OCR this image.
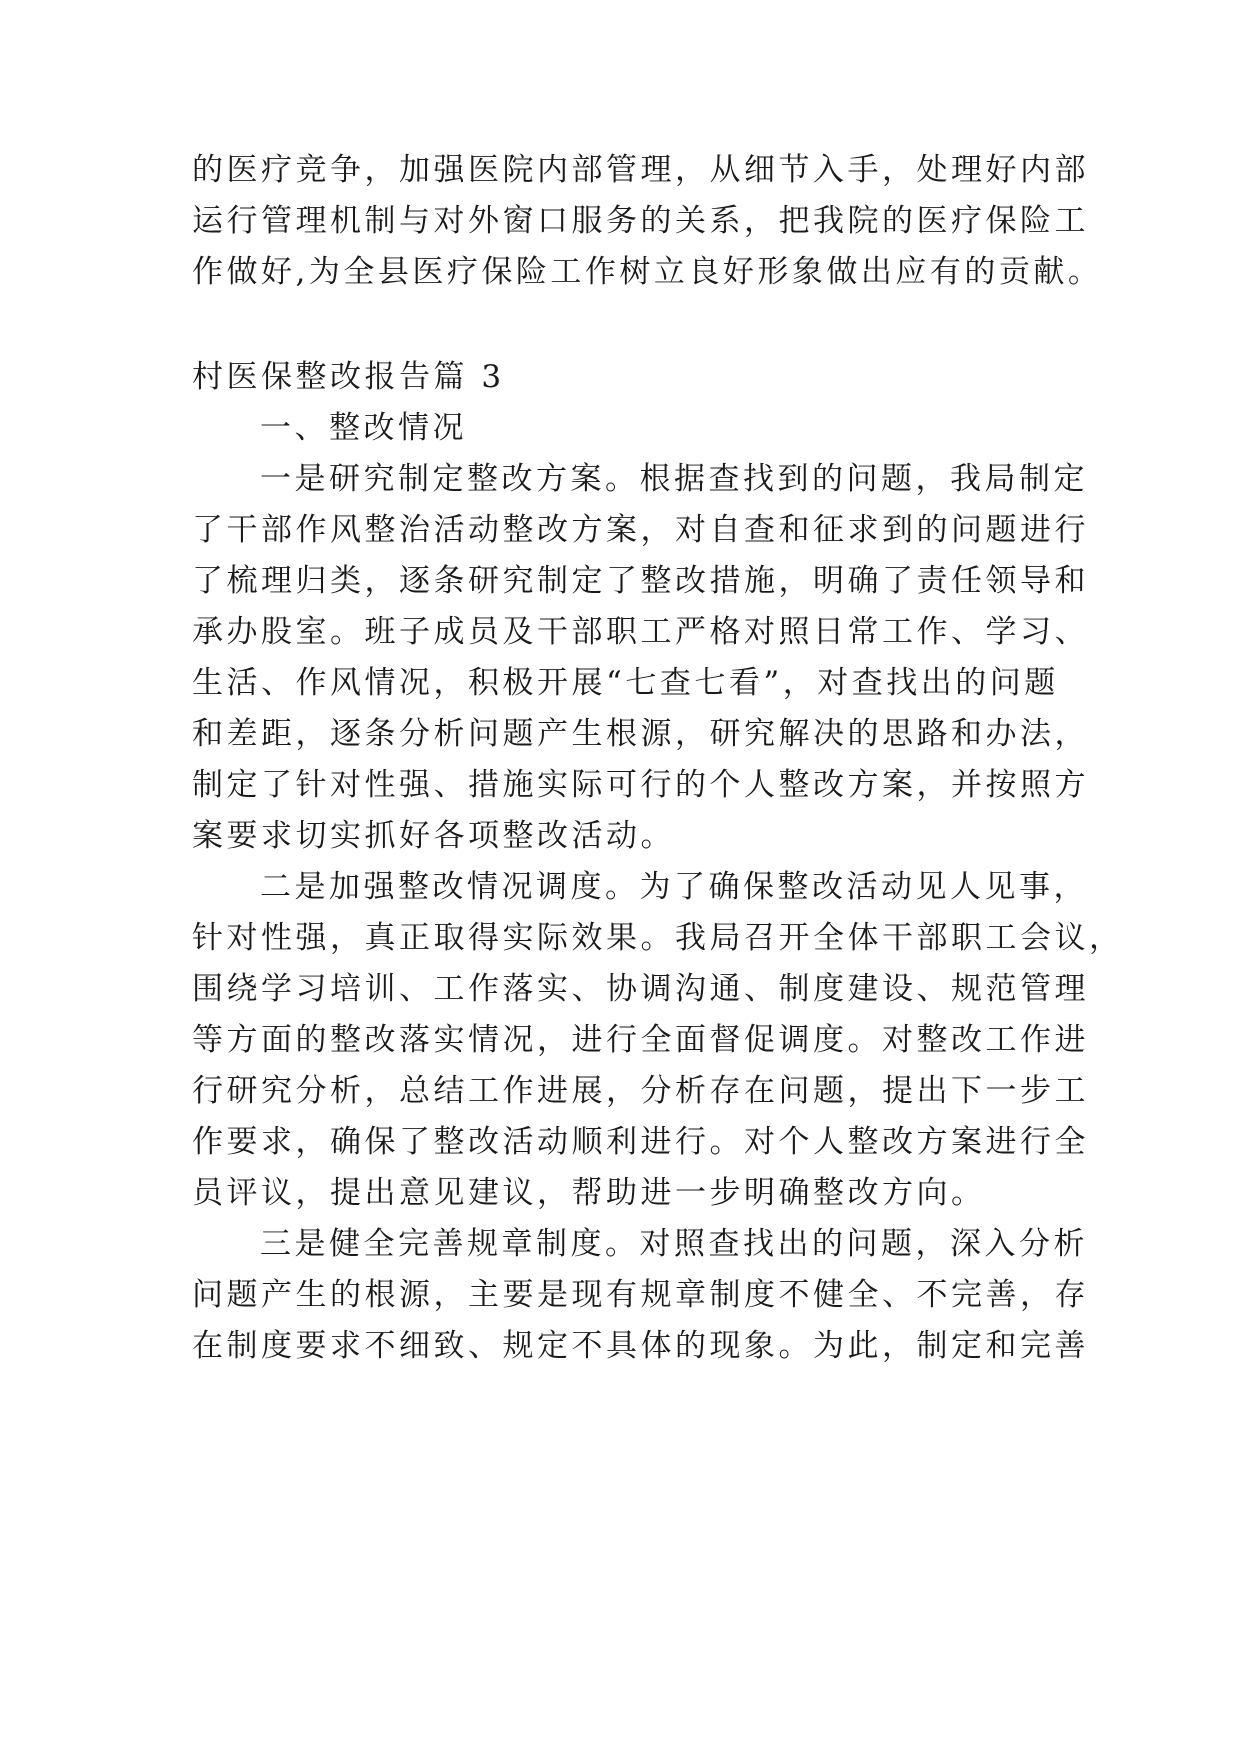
的医疗竞争，加强医院内部管理，从细节入手，处理好内部
运行管理机制与对外窗口服务的关系，把我院的医疗保险工
作做好,为全县医疗保险工作树立良好形象做出应有的贡献。
村医保整改报告篇 3
一、整改情况
一是研究制定整改方案。根据查找到的问题，我局制定
了干部作风整治活动整改方案，对自查和征求到的问题进行
了梳理归类，逐条研究制定了整改措施，明确了责任领导和
承办股室。班子成员及干部职工严格对照日常工作、学习、
生活、作风情况，积极开展“七查七看”，对查找出的问题
和差距，逐条分析问题产生根源，研究解决的思路和办法，
制定了针对性强、措施实际可行的个人整改方案，并按照方
案要求切实抓好各项整改活动。
二是加强整改情况调度。为了确保整改活动见人见事，
针对性强，真正取得实际效果。我局召开全体干部职工会议，
围绕学习培训、工作落实、协调沟通、制度建设、规范管理
等方面的整改落实情况，进行全面督促调度。对整改工作进
行研究分析，总结工作进展，分析存在问题，提出下一步工
作要求，确保了整改活动顺利进行。对个人整改方案进行全
员评议，提出意见建议，帮助进一步明确整改方向。
三是健全完善规章制度。对照查找出的问题，深入分析
问题产生的根源，主要是现有规章制度不健全、不完善，存
在制度要求不细致、规定不具体的现象。为此，制定和完善
